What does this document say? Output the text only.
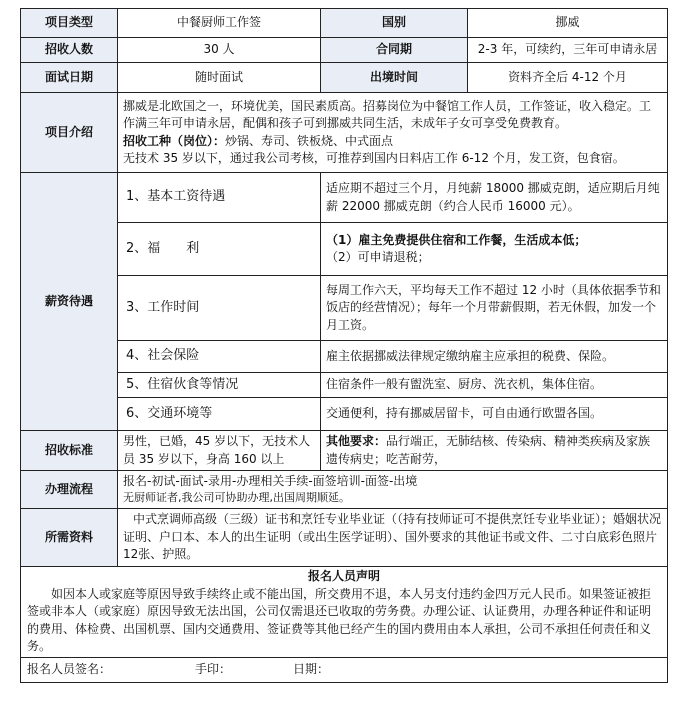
项目类型	中餐厨师工作签	国别	挪威
招收人数	30 人	合同期	2-3 年，可续约，三年可申请永居
面试日期	随时面试	出境时间	资料齐全后 4-12 个月
项目介绍	挪威是北欧国之一，环境优美，国民素质高。招募岗位为中餐馆工作人员，工作签证，收入稳定。工作满三年可申请永居，配偶和孩子可到挪威共同生活，未成年子女可享受免费教育。
招收工种（岗位）：炒锅、寿司、铁板烧、中式面点
无技术 35 岁以下，通过我公司考核，可推荐到国内日料店工作 6-12 个月，发工资，包食宿。		

薪资待遇	1、基本工资待遇	适应期不超过三个月，月纯薪 18000 挪威克朗，适应期后月纯薪 22000 挪威克朗（约合人民币 16000 元）。	
	2、福　　利	（1）雇主免费提供住宿和工作餐，生活成本低；
（2）可申请退税；	

	3、工作时间	每周工作六天，平均每天工作不超过 12 小时（具体依据季节和饭店的经营情况）；每年一个月带薪假期，若无休假，加发一个月工资。	
	4、社会保险	雇主依据挪威法律规定缴纳雇主应承担的税费、保险。	
	5、住宿伙食等情况	住宿条件一般有盥洗室、厨房、洗衣机，集体住宿。	
	6、交通环境等	交通便利，持有挪威居留卡，可自由通行欧盟各国。	
招收标准	男性，已婚，45 岁以下，无技术人员 35 岁以下，身高 160 以上	其他要求：品行端正，无肺结核、传染病、精神类疾病及家族遗传病史；吃苦耐劳，	
办理流程	报名-初试-面试-录用-办理相关手续-面签培训-面签-出境
无厨师证者,我公司可协助办理,出国周期顺延。		

所需资料	中式烹调师高级（三级）证书和烹饪专业毕业证（（持有技师证可不提供烹饪专业毕业证）；婚姻状况证明、户口本、本人的出生证明（或出生医学证明）、国外要求的其他证书或文件、二寸白底彩色照片 12张、护照。		
报名人员声明			
如因本人或家庭等原因导致手续终止或不能出国，所交费用不退，本人另支付违约金四万元人民币。如果签证被拒签或非本人（或家庭）原因导致无法出国，公司仅需退还已收取的劳务费。办理公证、认证费用，办理各种证件和证明的费用、体检费、出国机票、国内交通费用、签证费等其他已经产生的国内费用由本人承担，公司不承担任何责任和义务。			
报名人员签名： 手印： 日期：			
